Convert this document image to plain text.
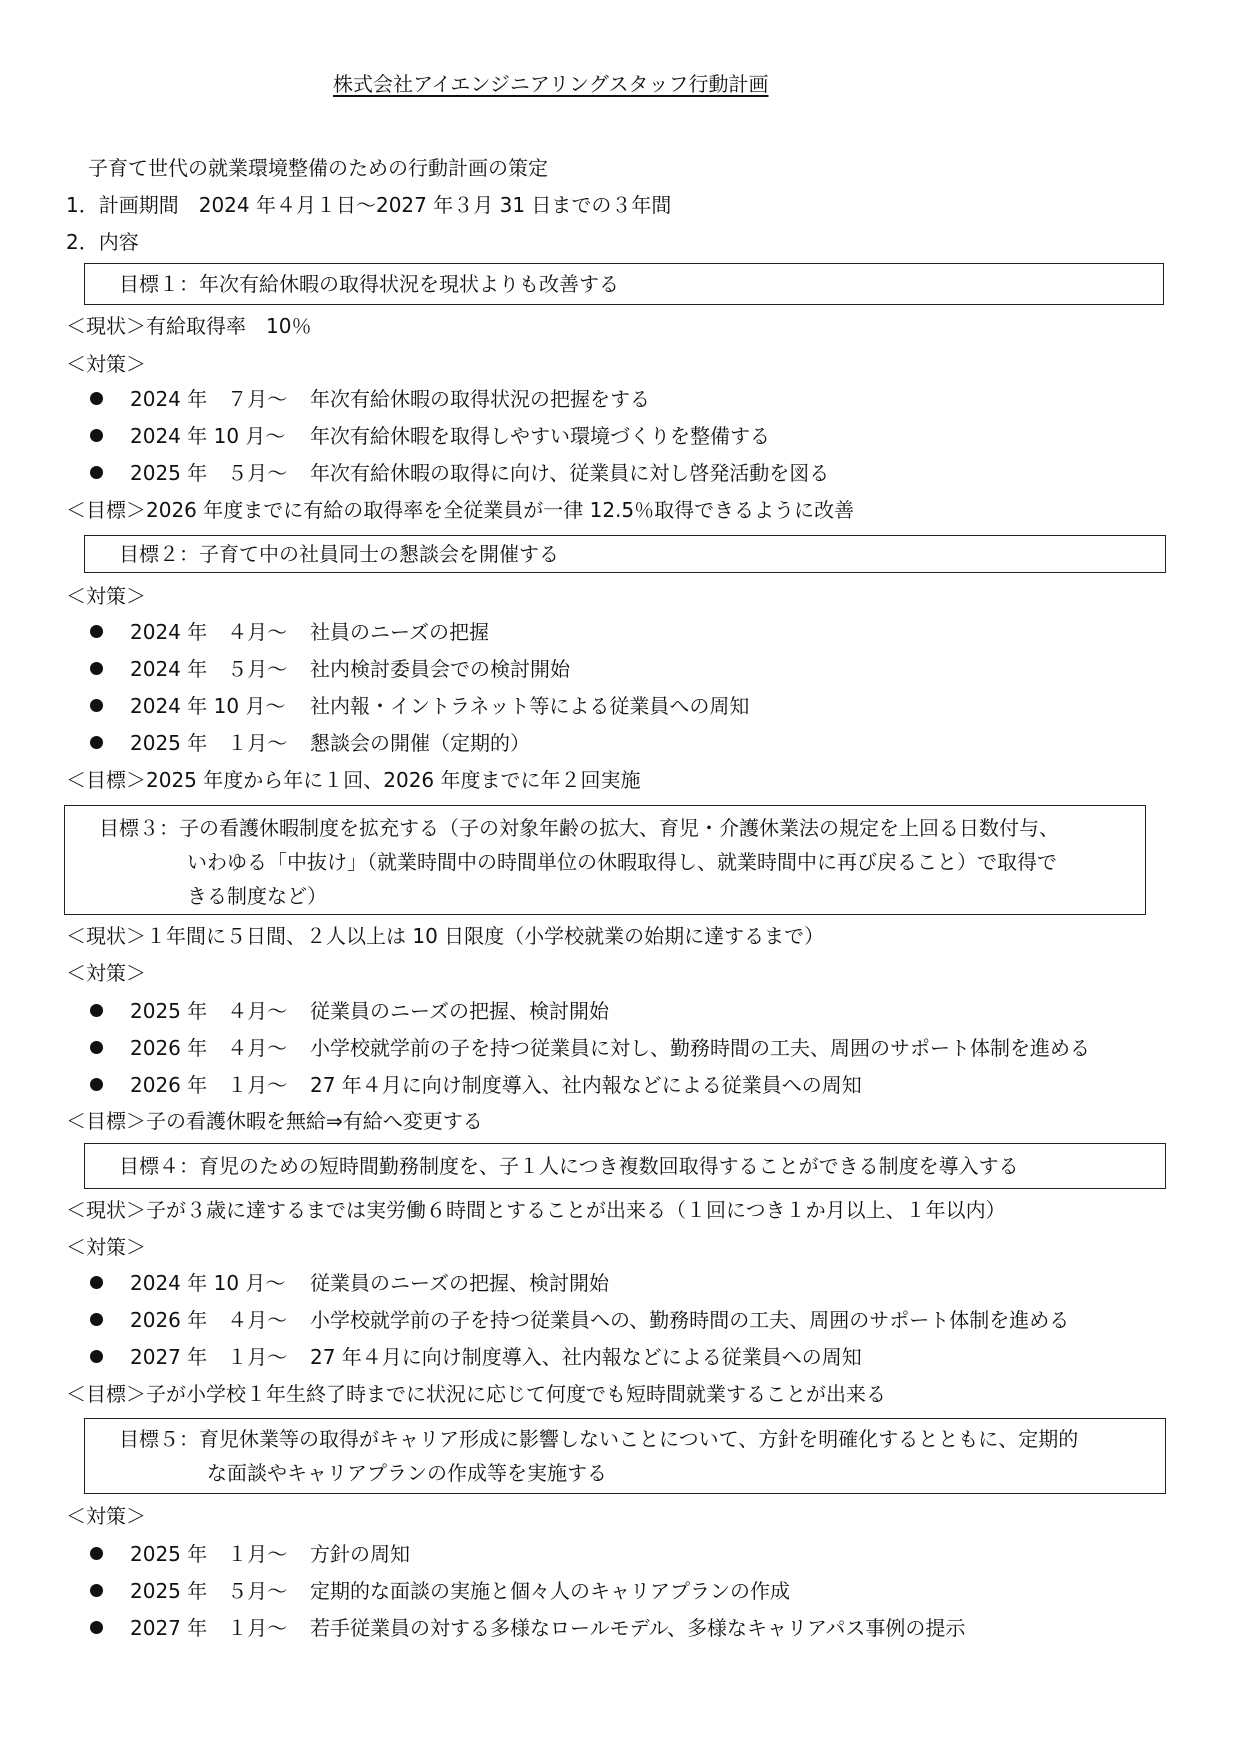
株式会社アイエンジニアリングスタッフ行動計画
子育て世代の就業環境整備のための行動計画の策定
1．計画期間　2024 年４月１日～2027 年３月 31 日までの３年間
2．内容
目標１：年次有給休暇の取得状況を現状よりも改善する
＜現状＞有給取得率　10％
＜対策＞
2024 年　７月～ 年次有給休暇の取得状況の把握をする
2024 年 10 月～ 年次有給休暇を取得しやすい環境づくりを整備する
2025 年　５月～ 年次有給休暇の取得に向け、従業員に対し啓発活動を図る
＜目標＞2026 年度までに有給の取得率を全従業員が一律 12.5％取得できるように改善
目標２：子育て中の社員同士の懇談会を開催する
＜対策＞
2024 年　４月～ 社員のニーズの把握
2024 年　５月～ 社内検討委員会での検討開始
2024 年 10 月～ 社内報・イントラネット等による従業員への周知
2025 年　１月～ 懇談会の開催（定期的）
＜目標＞2025 年度から年に１回、2026 年度までに年２回実施
目標３：子の看護休暇制度を拡充する（子の対象年齢の拡大、育児・介護休業法の規定を上回る日数付与、
いわゆる「中抜け」（就業時間中の時間単位の休暇取得し、就業時間中に再び戻ること）で取得で
きる制度など）
＜現状＞１年間に５日間、２人以上は 10 日限度（小学校就業の始期に達するまで）
＜対策＞
2025 年　４月～ 従業員のニーズの把握、検討開始
2026 年　４月～ 小学校就学前の子を持つ従業員に対し、勤務時間の工夫、周囲のサポート体制を進める
2026 年　１月～ 27 年４月に向け制度導入、社内報などによる従業員への周知
＜目標＞子の看護休暇を無給⇒有給へ変更する
目標４：育児のための短時間勤務制度を、子１人につき複数回取得することができる制度を導入する
＜現状＞子が３歳に達するまでは実労働６時間とすることが出来る（１回につき１か月以上、１年以内）
＜対策＞
2024 年 10 月～ 従業員のニーズの把握、検討開始
2026 年　４月～ 小学校就学前の子を持つ従業員への、勤務時間の工夫、周囲のサポート体制を進める
2027 年　１月～ 27 年４月に向け制度導入、社内報などによる従業員への周知
＜目標＞子が小学校１年生終了時までに状況に応じて何度でも短時間就業することが出来る
目標５：育児休業等の取得がキャリア形成に影響しないことについて、方針を明確化するとともに、定期的
な面談やキャリアプランの作成等を実施する
＜対策＞
2025 年　１月～ 方針の周知
2025 年　５月～ 定期的な面談の実施と個々人のキャリアプランの作成
2027 年　１月～ 若手従業員の対する多様なロールモデル、多様なキャリアパス事例の提示
